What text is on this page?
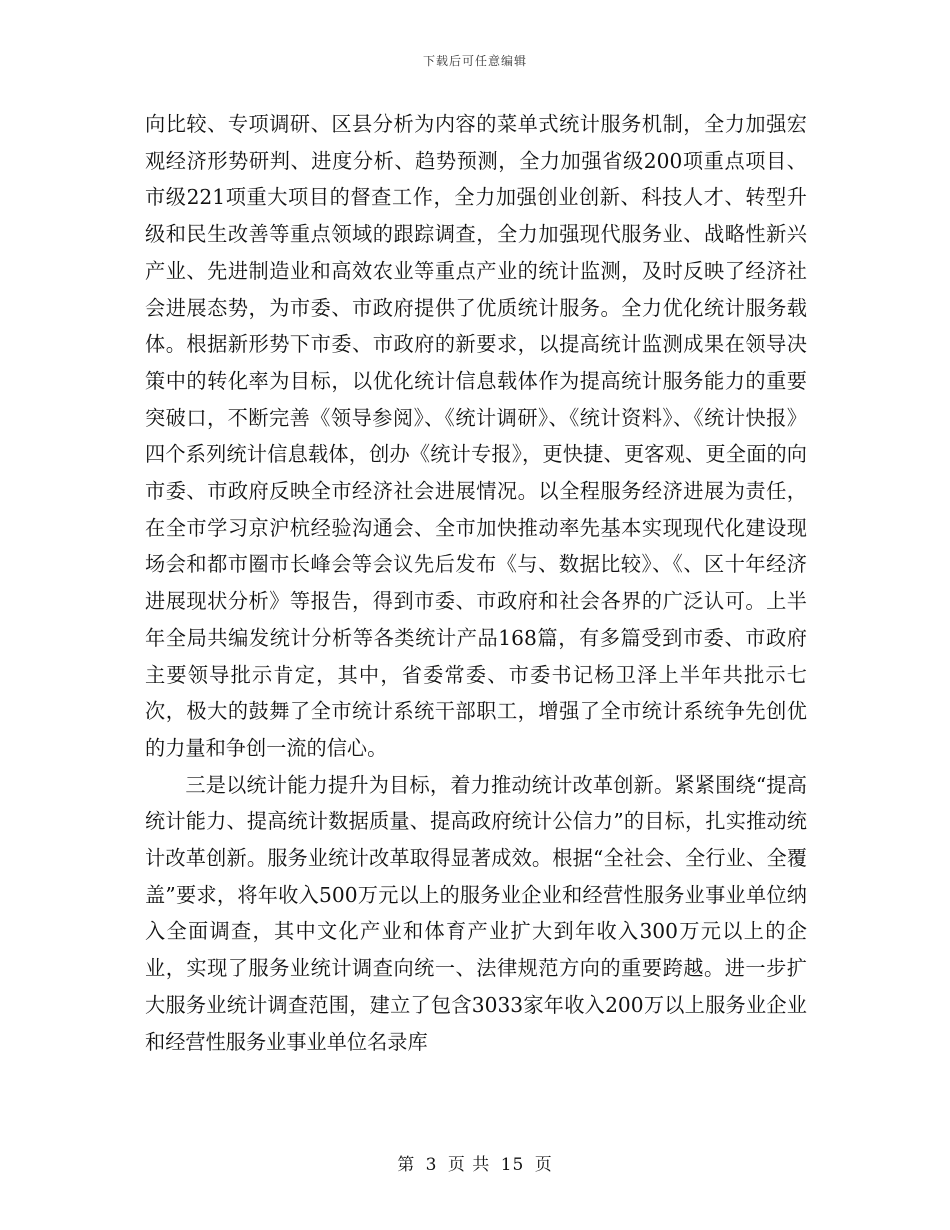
下载后可任意编辑

向比较、专项调研、区县分析为内容的菜单式统计服务机制，全力加强宏观经济形势研判、进度分析、趋势预测，全力加强省级200项重点项目、市级221项重大项目的督查工作，全力加强创业创新、科技人才、转型升级和民生改善等重点领域的跟踪调查，全力加强现代服务业、战略性新兴产业、先进制造业和高效农业等重点产业的统计监测，及时反映了经济社会进展态势，为市委、市政府提供了优质统计服务。全力优化统计服务载体。根据新形势下市委、市政府的新要求，以提高统计监测成果在领导决策中的转化率为目标，以优化统计信息载体作为提高统计服务能力的重要突破口，不断完善《领导参阅》、《统计调研》、《统计资料》、《统计快报》四个系列统计信息载体，创办《统计专报》，更快捷、更客观、更全面的向市委、市政府反映全市经济社会进展情况。以全程服务经济进展为责任，在全市学习京沪杭经验沟通会、全市加快推动率先基本实现现代化建设现场会和都市圈市长峰会等会议先后发布《与、数据比较》、《、区十年经济进展现状分析》等报告，得到市委、市政府和社会各界的广泛认可。上半年全局共编发统计分析等各类统计产品168篇，有多篇受到市委、市政府主要领导批示肯定，其中，省委常委、市委书记杨卫泽上半年共批示七次，极大的鼓舞了全市统计系统干部职工，增强了全市统计系统争先创优的力量和争创一流的信心。

三是以统计能力提升为目标，着力推动统计改革创新。紧紧围绕“提高统计能力、提高统计数据质量、提高政府统计公信力”的目标，扎实推动统计改革创新。服务业统计改革取得显著成效。根据“全社会、全行业、全覆盖”要求，将年收入500万元以上的服务业企业和经营性服务业事业单位纳入全面调查，其中文化产业和体育产业扩大到年收入300万元以上的企业，实现了服务业统计调查向统一、法律规范方向的重要跨越。进一步扩大服务业统计调查范围，建立了包含3033家年收入200万以上服务业企业和经营性服务业事业单位名录库

第 3 页 共 15 页
